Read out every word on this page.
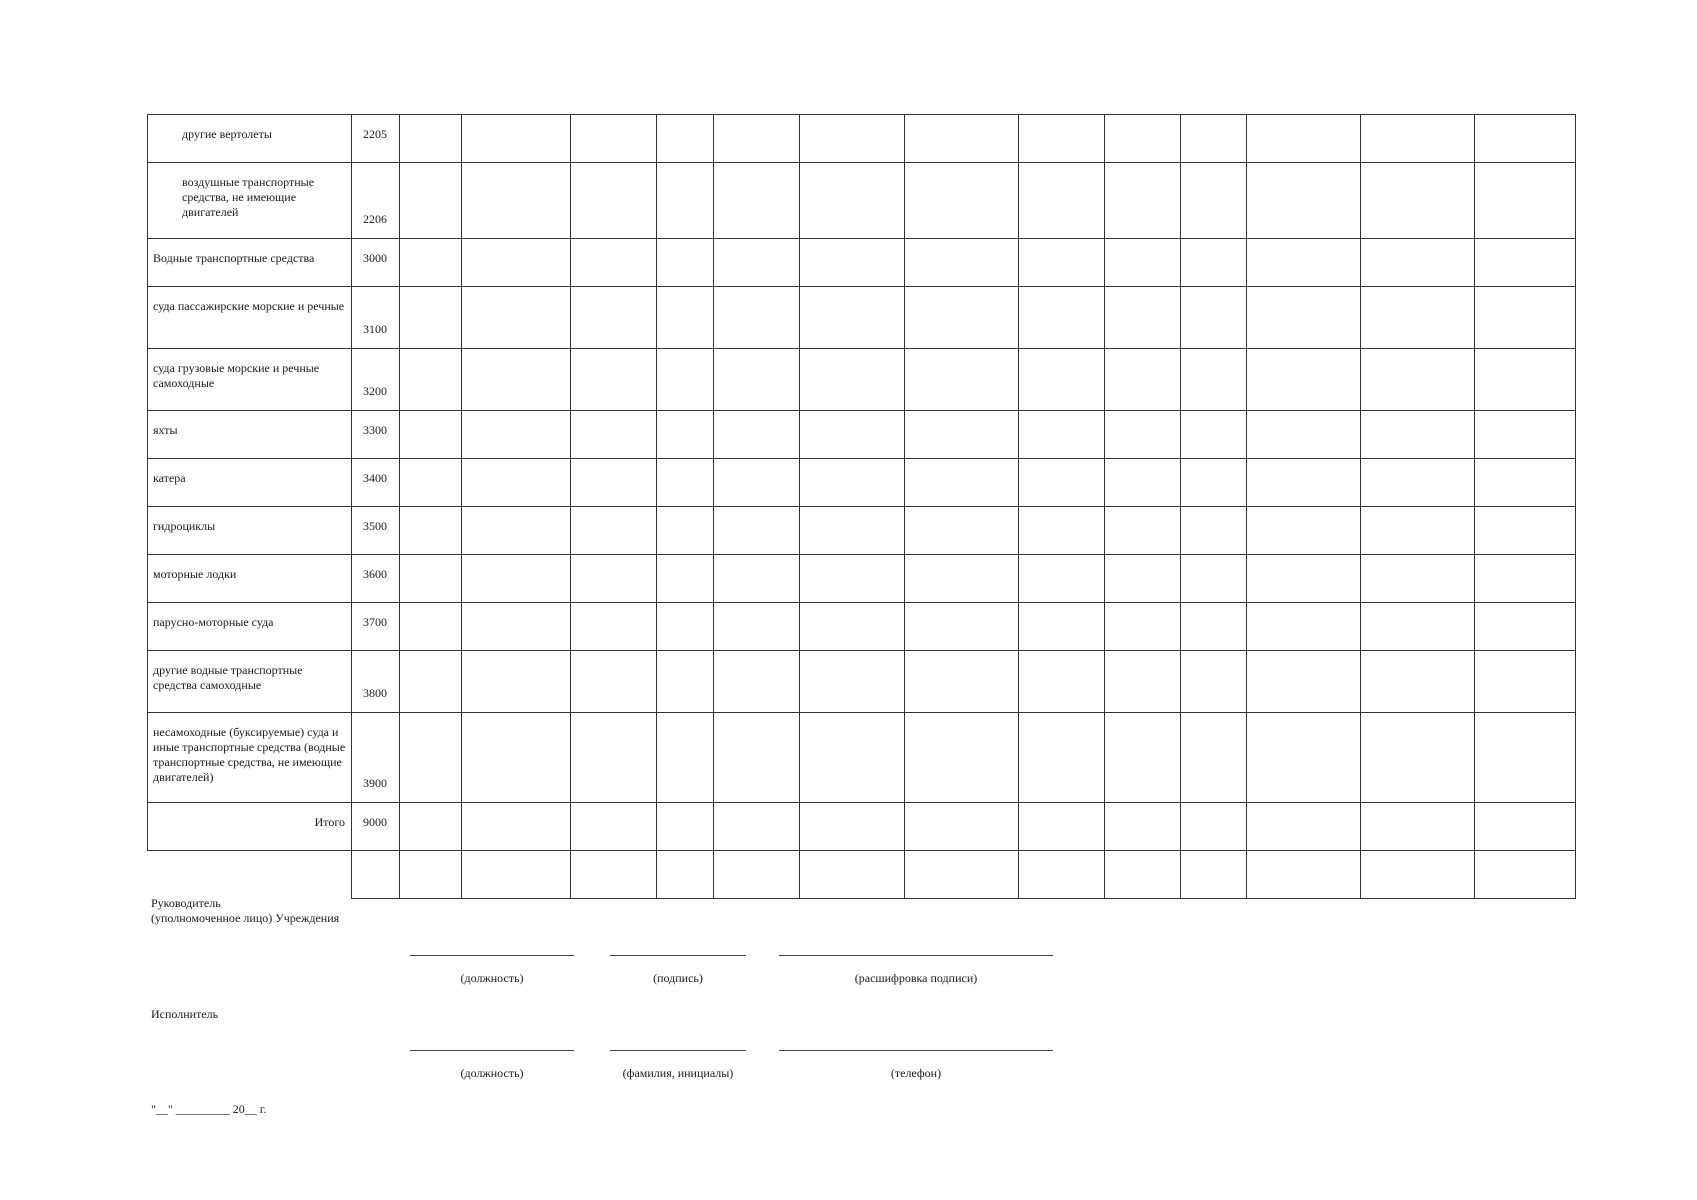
другие вертолеты	2205													
воздушные транспортные средства, не имеющие двигателей	2206													
Водные транспортные средства	3000													
суда пассажирские морские и речные	3100													
суда грузовые морские и речные самоходные	3200													
яхты	3300													
катера	3400													
гидроциклы	3500													
моторные лодки	3600													
парусно-моторные суда	3700													
другие водные транспортные средства самоходные	3800													
несамоходные (буксируемые) суда и иные транспортные средства (водные транспортные средства, не имеющие двигателей)	3900													
Итого	9000													

Руководитель
(уполномоченное лицо) Учреждения
(должность)	(подпись)	(расшифровка подписи)
Исполнитель
(должность)	(фамилия, инициалы)	(телефон)
"__" _________ 20__ г.
